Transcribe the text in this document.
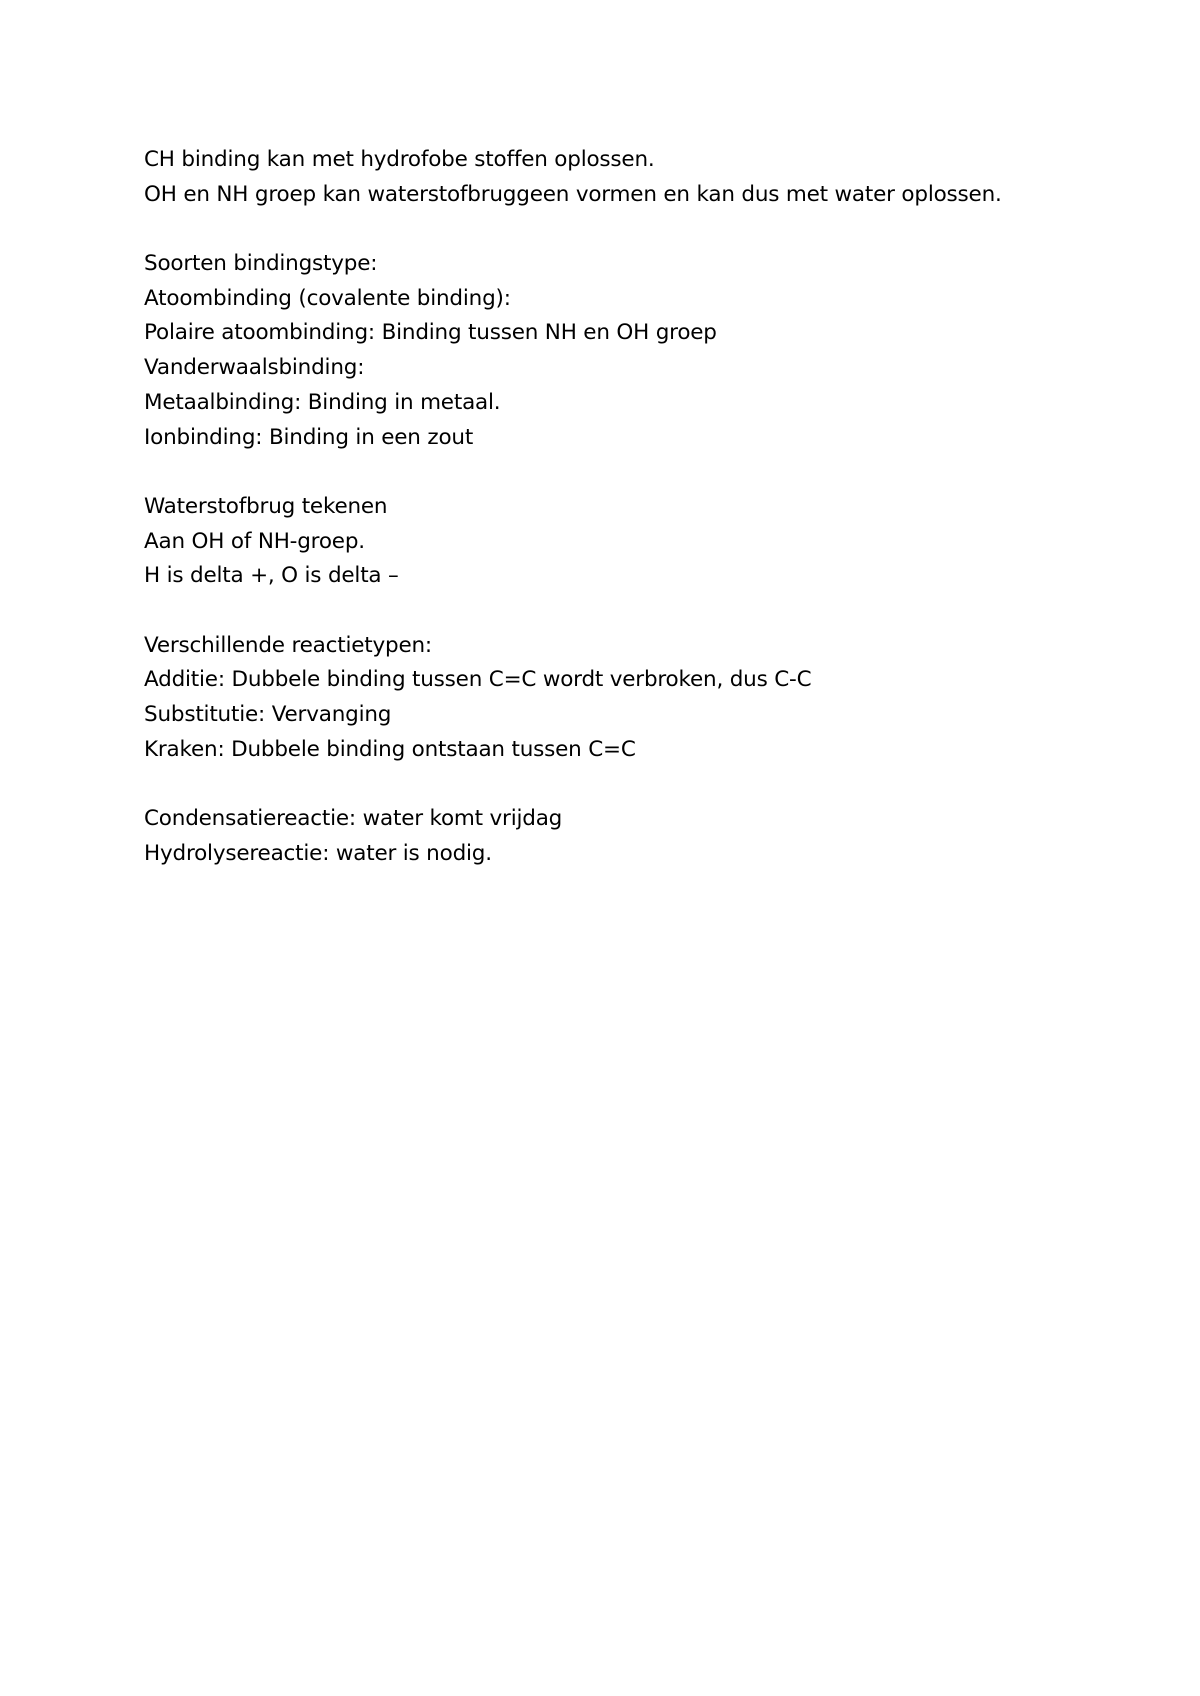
CH binding kan met hydrofobe stoffen oplossen.
OH en NH groep kan waterstofbruggeen vormen en kan dus met water oplossen.
Soorten bindingstype:
Atoombinding (covalente binding):
Polaire atoombinding: Binding tussen NH en OH groep
Vanderwaalsbinding:
Metaalbinding: Binding in metaal.
Ionbinding: Binding in een zout
Waterstofbrug tekenen
Aan OH of NH-groep.
H is delta +, O is delta –
Verschillende reactietypen:
Additie: Dubbele binding tussen C=C wordt verbroken, dus C-C
Substitutie: Vervanging
Kraken: Dubbele binding ontstaan tussen C=C
Condensatiereactie: water komt vrijdag
Hydrolysereactie: water is nodig.
